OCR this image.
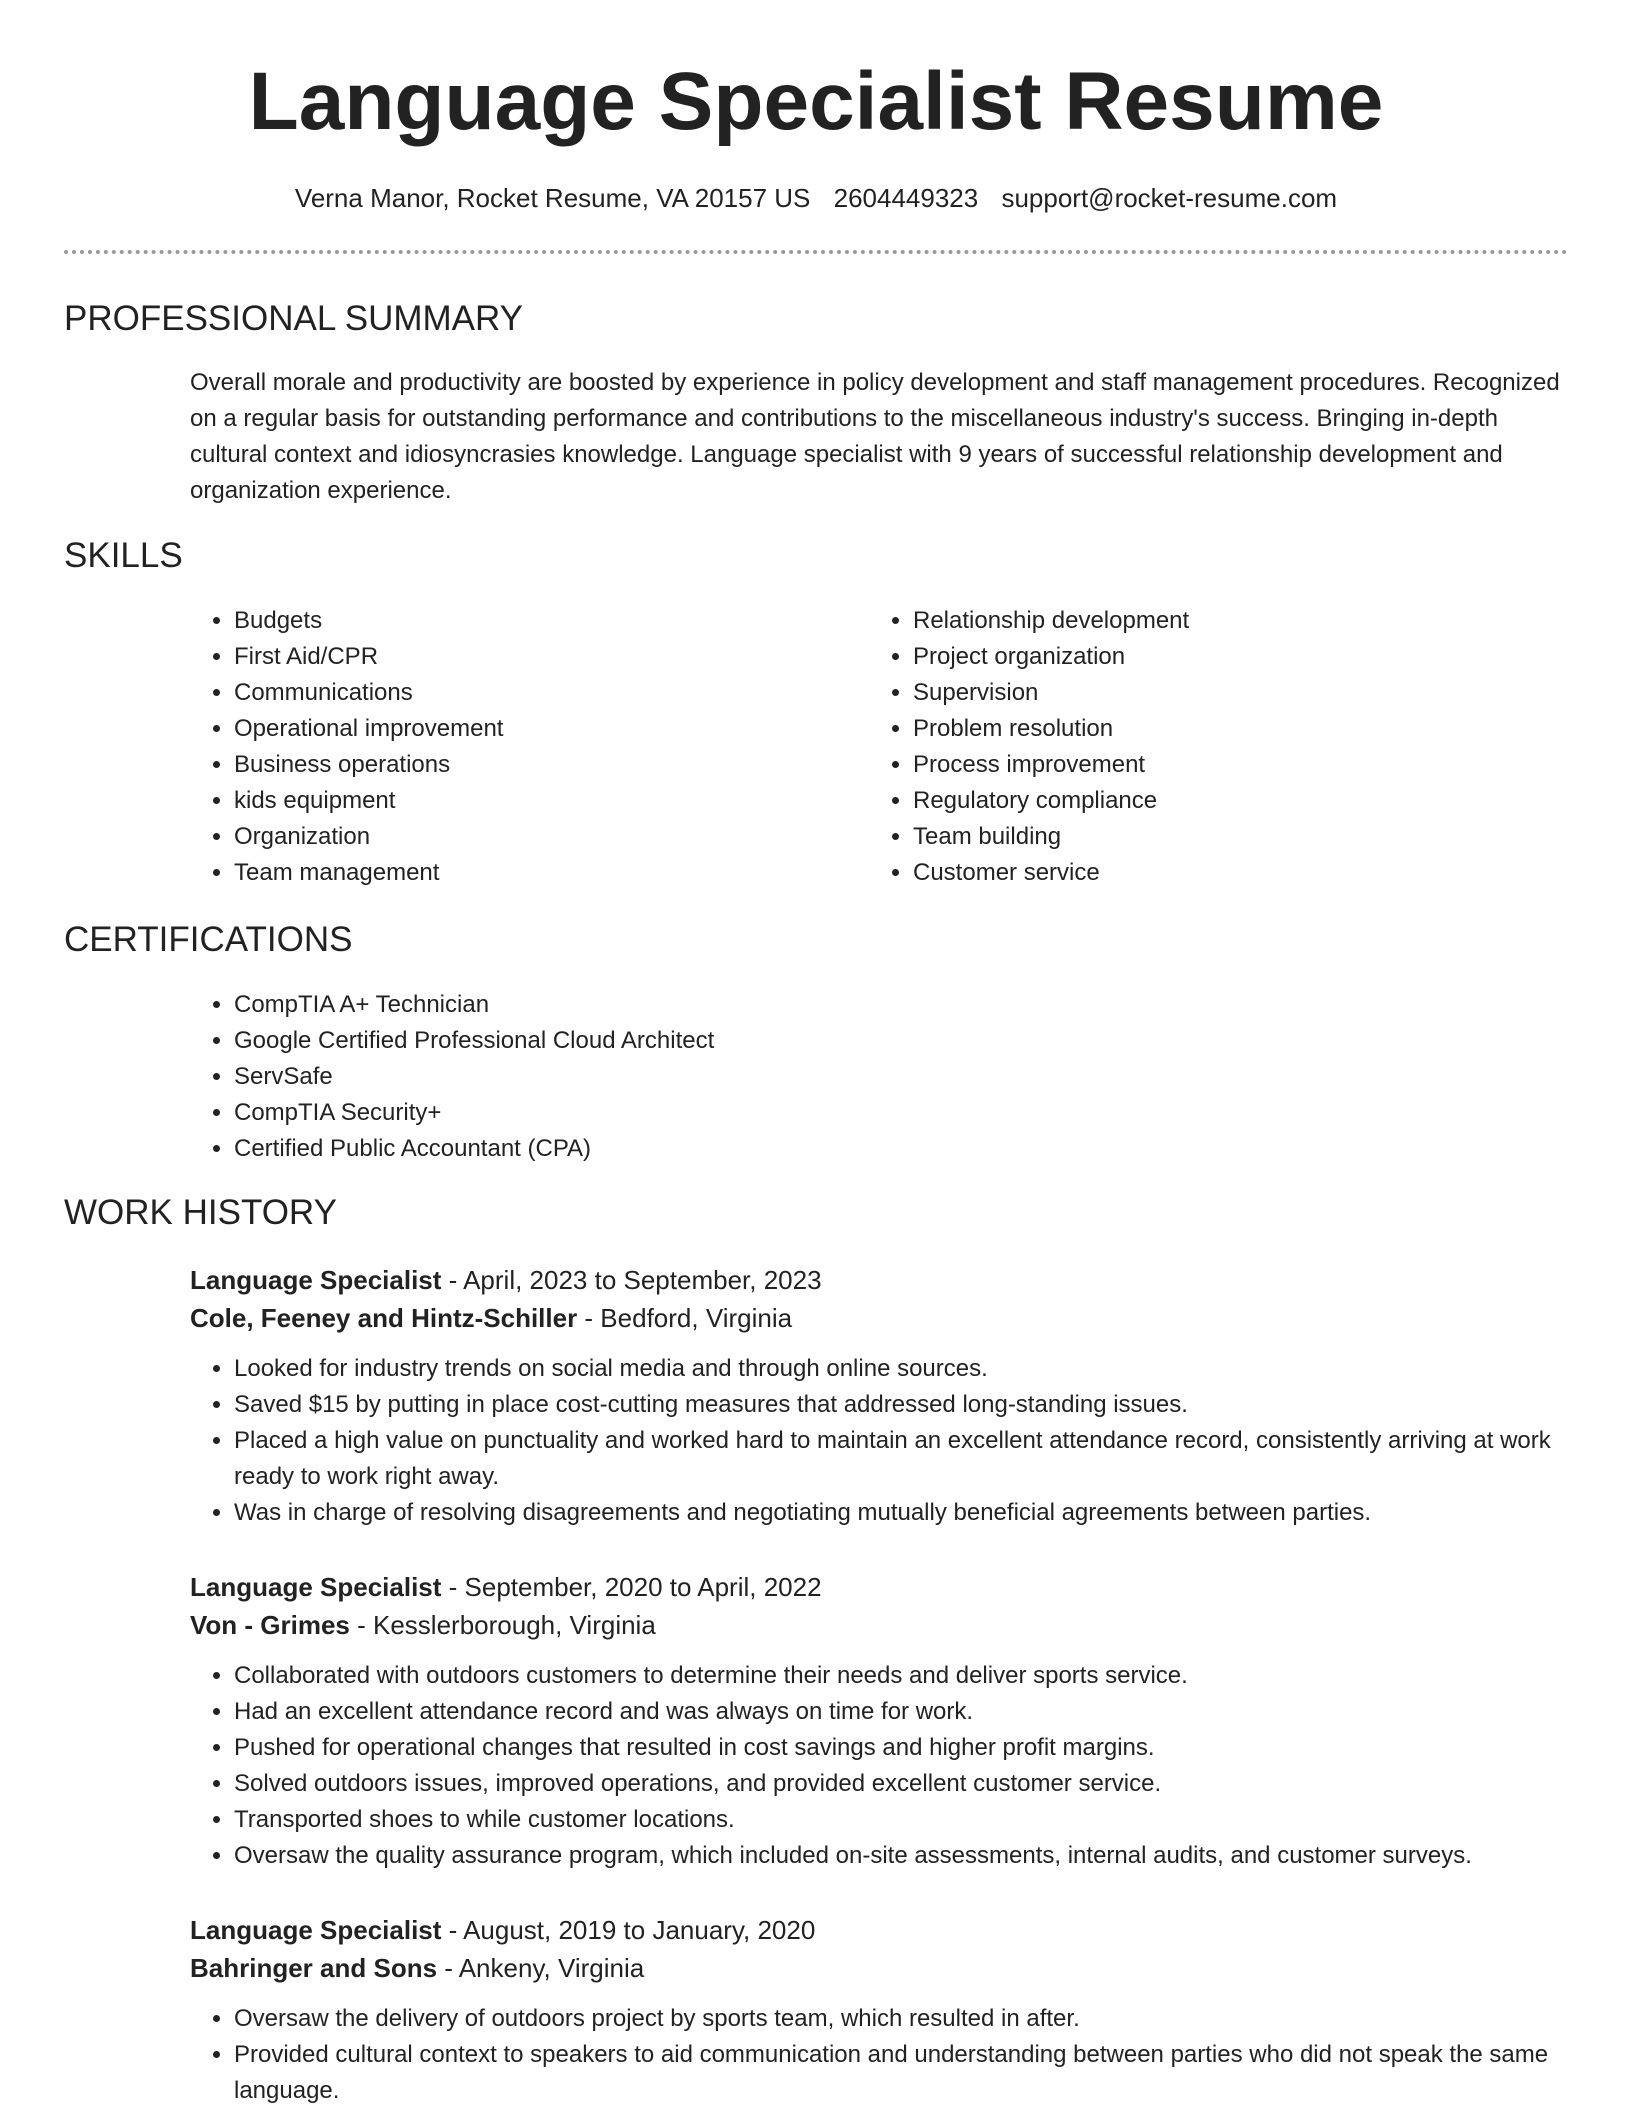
Language Specialist Resume
Verna Manor, Rocket Resume, VA 20157 US 2604449323 support@rocket-resume.com
PROFESSIONAL SUMMARY

Overall morale and productivity are boosted by experience in policy development and staff management procedures. Recognized on a regular basis for outstanding performance and contributions to the miscellaneous industry's success. Bringing in-depth cultural context and idiosyncrasies knowledge. Language specialist with 9 years of successful relationship development and organization experience.

SKILLS
• Budgets
• First Aid/CPR
• Communications
• Operational improvement
• Business operations
• kids equipment
• Organization
• Team management
• Relationship development
• Project organization
• Supervision
• Problem resolution
• Process improvement
• Regulatory compliance
• Team building
• Customer service
CERTIFICATIONS
• CompTIA A+ Technician
• Google Certified Professional Cloud Architect
• ServSafe
• CompTIA Security+
• Certified Public Accountant (CPA)
WORK HISTORY

Language Specialist - April, 2023 to September, 2023

Cole, Feeney and Hintz-Schiller - Bedford, Virginia

• Looked for industry trends on social media and through online sources.
• Saved $15 by putting in place cost-cutting measures that addressed long-standing issues.
• Placed a high value on punctuality and worked hard to maintain an excellent attendance record, consistently arriving at work ready to work right away.
• Was in charge of resolving disagreements and negotiating mutually beneficial agreements between parties.

Language Specialist - September, 2020 to April, 2022

Von - Grimes - Kesslerborough, Virginia

• Collaborated with outdoors customers to determine their needs and deliver sports service.
• Had an excellent attendance record and was always on time for work.
• Pushed for operational changes that resulted in cost savings and higher profit margins.
• Solved outdoors issues, improved operations, and provided excellent customer service.
• Transported shoes to while customer locations.
• Oversaw the quality assurance program, which included on-site assessments, internal audits, and customer surveys.

Language Specialist - August, 2019 to January, 2020

Bahringer and Sons - Ankeny, Virginia

• Oversaw the delivery of outdoors project by sports team, which resulted in after.
• Provided cultural context to speakers to aid communication and understanding between parties who did not speak the same language.
